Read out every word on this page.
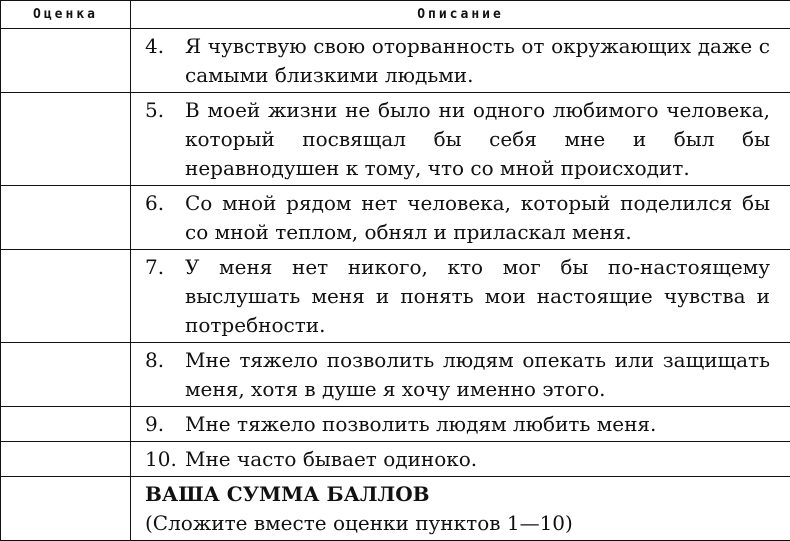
Оценка	Описание

	4. Я чувствую свою оторванность от окружающих даже с самыми близкими людьми.

	5. В моей жизни не было ни одного любимого человека, который посвящал бы себя мне и был бы неравнодушен к тому, что со мной происходит.

	6. Со мной рядом нет человека, который поделился бы со мной теплом, обнял и приласкал меня.

	7. У меня нет никого, кто мог бы по-настоящему выслушать меня и понять мои настоящие чувства и потребности.

	8. Мне тяжело позволить людям опекать или защищать меня, хотя в душе я хочу именно этого.

	9. Мне тяжело позволить людям любить меня.

	10. Мне часто бывает одиноко.

	ВАША СУММА БАЛЛОВ
(Сложите вместе оценки пунктов 1—10)
